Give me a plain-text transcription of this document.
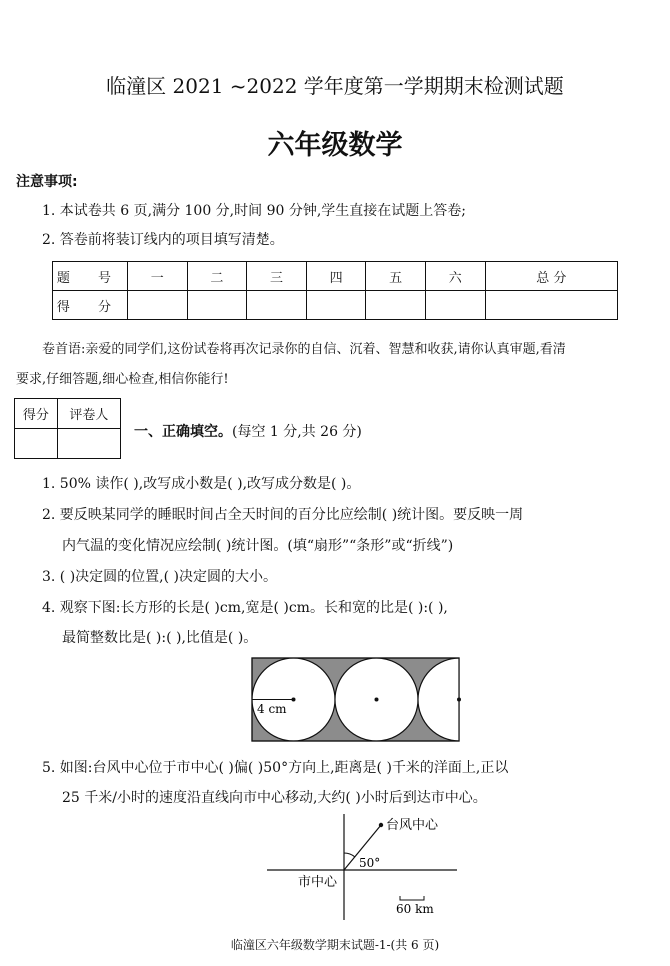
临潼区 2021 ~2022 学年度第一学期期末检测试题
六年级数学
注意事项:
1. 本试卷共 6 页,满分 100 分,时间 90 分钟,学生直接在试题上答卷;
2. 答卷前将装订线内的项目填写清楚。
题 号	一	二	三	四	五	六	总 分
得 分							
卷首语:亲爱的同学们,这份试卷将再次记录你的自信、沉着、智慧和收获,请你认真审题,看清
要求,仔细答题,细心检查,相信你能行!
得分	评卷人

一、正确填空。(每空 1 分,共 26 分)
1. 50% 读作( ),改写成小数是( ),改写成分数是( )。
2. 要反映某同学的睡眠时间占全天时间的百分比应绘制( )统计图。要反映一周
内气温的变化情况应绘制( )统计图。(填“扇形”“条形”或“折线”)
3. ( )决定圆的位置,( )决定圆的大小。
4. 观察下图:长方形的长是( )cm,宽是( )cm。长和宽的比是( ):( ),
最简整数比是( ):( ),比值是( )。
4 cm
5. 如图:台风中心位于市中心( )偏( )50°方向上,距离是( )千米的洋面上,正以
25 千米/小时的速度沿直线向市中心移动,大约( )小时后到达市中心。
台风中心
50°
市中心
60 km
临潼区六年级数学期末试题-1-(共 6 页)
